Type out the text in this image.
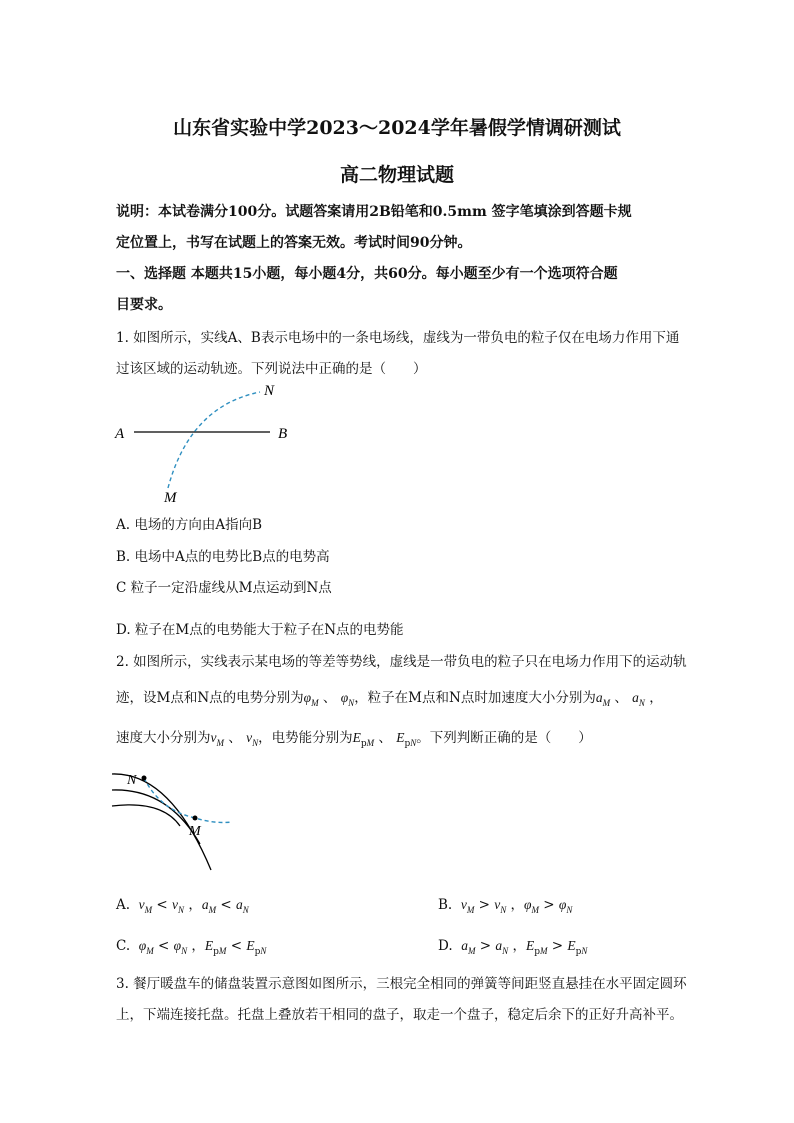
山东省实验中学2023～2024学年暑假学情调研测试
高二物理试题
说明：本试卷满分100分。试题答案请用2B铅笔和0.5mm 签字笔填涂到答题卡规
定位置上，书写在试题上的答案无效。考试时间90分钟。
一、选择题 本题共15小题，每小题4分，共60分。每小题至少有一个选项符合题
目要求。
1. 如图所示，实线A、B表示电场中的一条电场线，虚线为一带负电的粒子仅在电场力作用下通
过该区域的运动轨迹。下列说法中正确的是（　　）
A	B
M
N
A. 电场的方向由A指向B
B. 电场中A点的电势比B点的电势高
C 粒子一定沿虚线从M点运动到N点
D. 粒子在M点的电势能大于粒子在N点的电势能
2. 如图所示，实线表示某电场的等差等势线，虚线是一带负电的粒子只在电场力作用下的运动轨
迹，设M点和N点的电势分别为$\varphi_M$ 、 $\varphi_N$，粒子在M点和N点时加速度大小分别为$a_M$ 、 $a_N$ ，
速度大小分别为$v_M$ 、 $v_N$，电势能分别为$E_{pM}$ 、 $E_{pN}$。下列判断正确的是（　　）
N
M
A. $v_M < v_N$ ，$a_M < a_N$	B. $v_M > v_N$ ，$\varphi_M > \varphi_N$
C. $\varphi_M < \varphi_N$ ，$E_{pM} < E_{pN}$	D. $a_M > a_N$ ，$E_{pM} > E_{pN}$
3. 餐厅暖盘车的储盘装置示意图如图所示，三根完全相同的弹簧等间距竖直悬挂在水平固定圆环
上，下端连接托盘。托盘上叠放若干相同的盘子，取走一个盘子，稳定后余下的正好升高补平。
